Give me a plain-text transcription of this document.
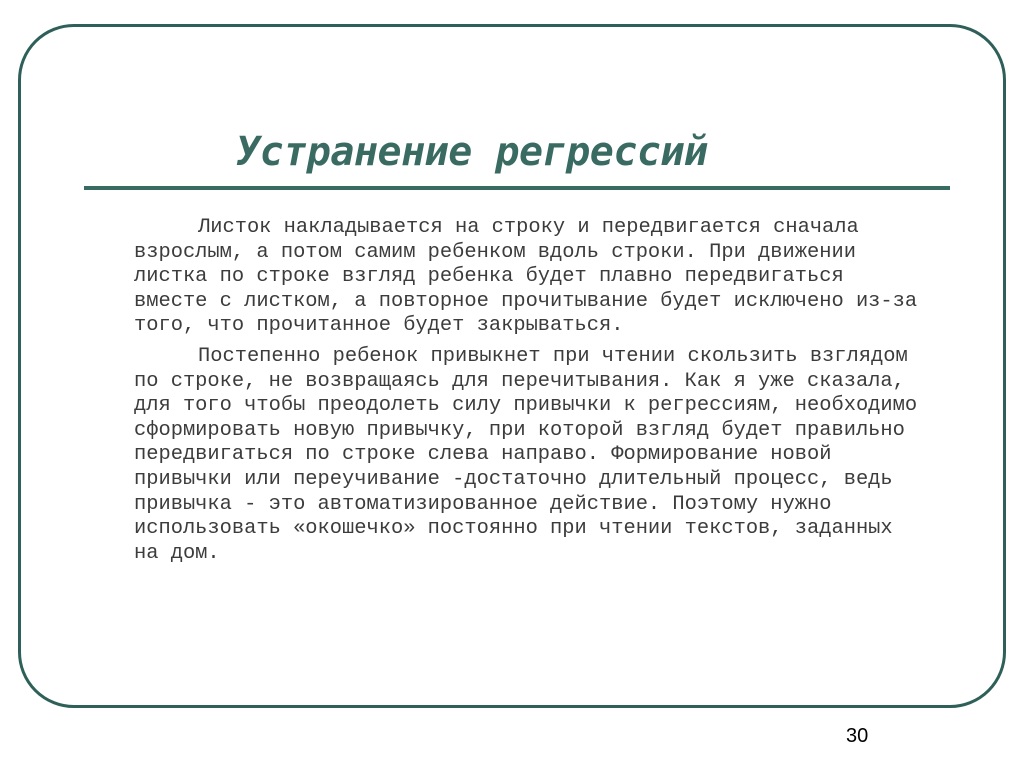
Устранение регрессий

Листок накладывается на строку и передвигается сначала взрослым, а потом самим ребенком вдоль строки. При движении листка по строке взгляд ребенка будет плавно передвигаться вместе с листком, а повторное прочитывание будет исключено из-за того, что прочитанное будет закрываться.

Постепенно ребенок привыкнет при чтении скользить взглядом по строке, не возвращаясь для перечитывания. Как я уже сказала, для того чтобы преодолеть силу привычки к регрессиям, необходимо сформировать новую привычку, при которой взгляд будет правильно передвигаться по строке слева направо. Формирование новой привычки или переучивание -достаточно длительный процесс, ведь привычка - это автоматизированное действие. Поэтому нужно использовать «окошечко» постоянно при чтении текстов, заданных на дом.

30
